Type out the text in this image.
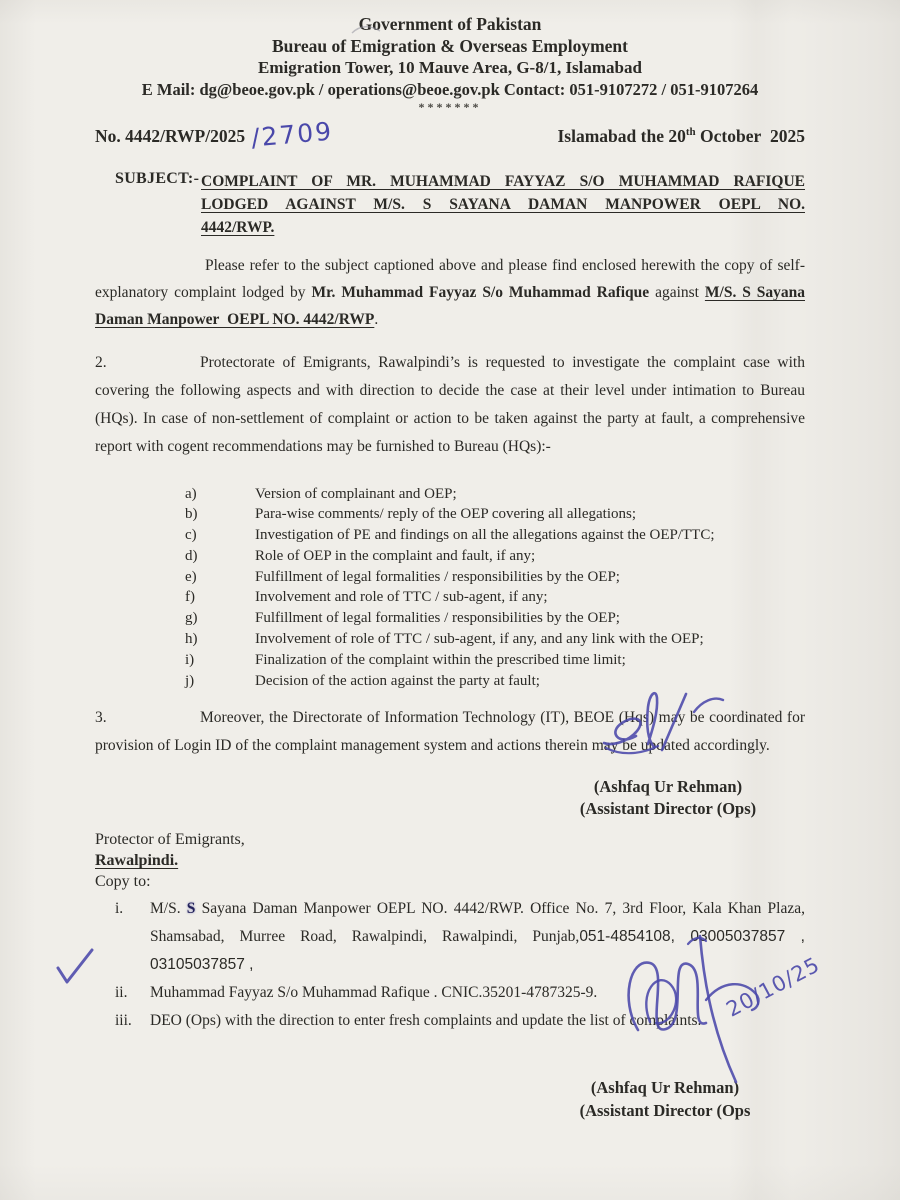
Government of Pakistan
Bureau of Emigration & Overseas Employment
Emigration Tower, 10 Mauve Area, G-8/1, Islamabad
E Mail: dg@beoe.gov.pk / operations@beoe.gov.pk Contact: 051-9107272 / 051-9107264
*******
No. 4442/RWP/2025 /2709	Islamabad the 20th October  2025
SUBJECT:- COMPLAINT OF MR. MUHAMMAD FAYYAZ S/O MUHAMMAD RAFIQUE
LODGED AGAINST M/S. S SAYANA DAMAN MANPOWER OEPL NO.
4442/RWP.

Please refer to the subject captioned above and please find enclosed herewith the copy of self-explanatory complaint lodged by Mr. Muhammad Fayyaz S/o Muhammad Rafique against M/S. S Sayana Daman Manpower  OEPL NO. 4442/RWP.

2.	Protectorate of Emigrants, Rawalpindi’s is requested to investigate the complaint case with covering the following aspects and with direction to decide the case at their level under intimation to Bureau (HQs). In case of non-settlement of complaint or action to be taken against the party at fault, a comprehensive report with cogent recommendations may be furnished to Bureau (HQs):-

a)	Version of complainant and OEP;
b)	Para-wise comments/ reply of the OEP covering all allegations;
c)	Investigation of PE and findings on all the allegations against the OEP/TTC;
d)	Role of OEP in the complaint and fault, if any;
e)	Fulfillment of legal formalities / responsibilities by the OEP;
f)	Involvement and role of TTC / sub-agent, if any;
g)	Fulfillment of legal formalities / responsibilities by the OEP;
h)	Involvement of role of TTC / sub-agent, if any, and any link with the OEP;
i)	Finalization of the complaint within the prescribed time limit;
j)	Decision of the action against the party at fault;

3.	Moreover, the Directorate of Information Technology (IT), BEOE (Hqs) may be coordinated for provision of Login ID of the complaint management system and actions therein may be updated accordingly.

(Ashfaq Ur Rehman)
(Assistant Director (Ops)
Protector of Emigrants,
Rawalpindi.
Copy to:
i.	M/S. S Sayana Daman Manpower OEPL NO. 4442/RWP. Office No. 7, 3rd Floor, Kala Khan Plaza, Shamsabad, Murree Road, Rawalpindi, Rawalpindi, Punjab,051-4854108, 03005037857 , 03105037857 ,
ii.	Muhammad Fayyaz S/o Muhammad Rafique . CNIC.35201-4787325-9.
iii.	DEO (Ops) with the direction to enter fresh complaints and update the list of complaints.
(Ashfaq Ur Rehman)
(Assistant Director (Ops
20/10/25
